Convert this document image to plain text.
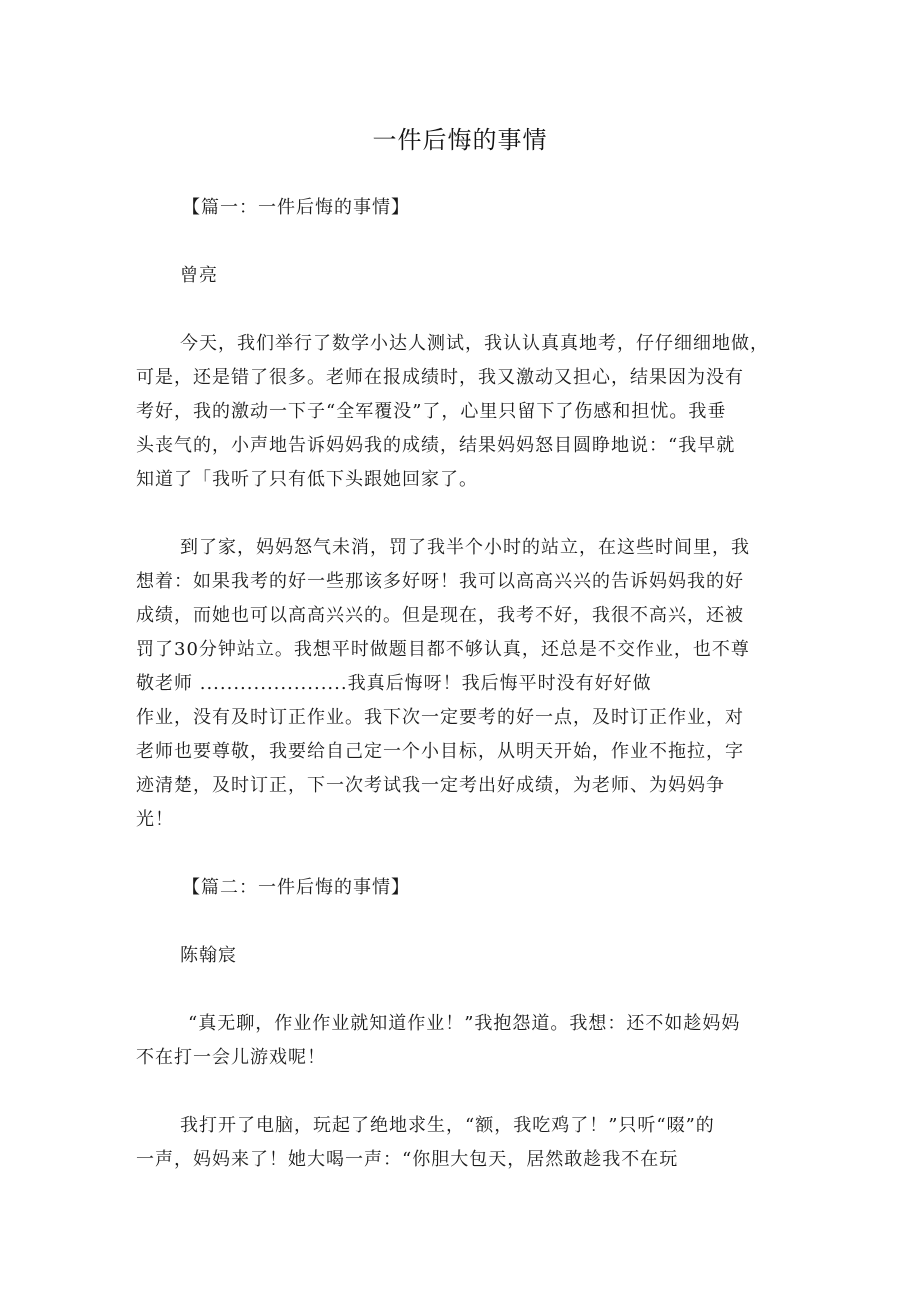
一件后悔的事情
【篇一：一件后悔的事情】
曾亮
今天，我们举行了数学小达人测试，我认认真真地考，仔仔细细地做，
可是，还是错了很多。老师在报成绩时，我又激动又担心，结果因为没有
考好，我的激动一下子“全军覆没”了，心里只留下了伤感和担忧。我垂
头丧气的，小声地告诉妈妈我的成绩，结果妈妈怒目圆睁地说：“我早就
知道了「我听了只有低下头跟她回家了。
到了家，妈妈怒气未消，罚了我半个小时的站立，在这些时间里，我
想着：如果我考的好一些那该多好呀！我可以高高兴兴的告诉妈妈我的好
成绩，而她也可以高高兴兴的。但是现在，我考不好，我很不高兴，还被
罚了30分钟站立。我想平时做题目都不够认真，还总是不交作业，也不尊
敬老师 ......................我真后悔呀！我后悔平时没有好好做
作业，没有及时订正作业。我下次一定要考的好一点，及时订正作业，对
老师也要尊敬，我要给自己定一个小目标，从明天开始，作业不拖拉，字
迹清楚，及时订正，下一次考试我一定考出好成绩，为老师、为妈妈争
光！
【篇二：一件后悔的事情】
陈翰宸
“真无聊，作业作业就知道作业！”我抱怨道。我想：还不如趁妈妈
不在打一会儿游戏呢！
我打开了电脑，玩起了绝地求生，“额，我吃鸡了！”只听“啜”的
一声，妈妈来了！她大喝一声：“你胆大包天，居然敢趁我不在玩
